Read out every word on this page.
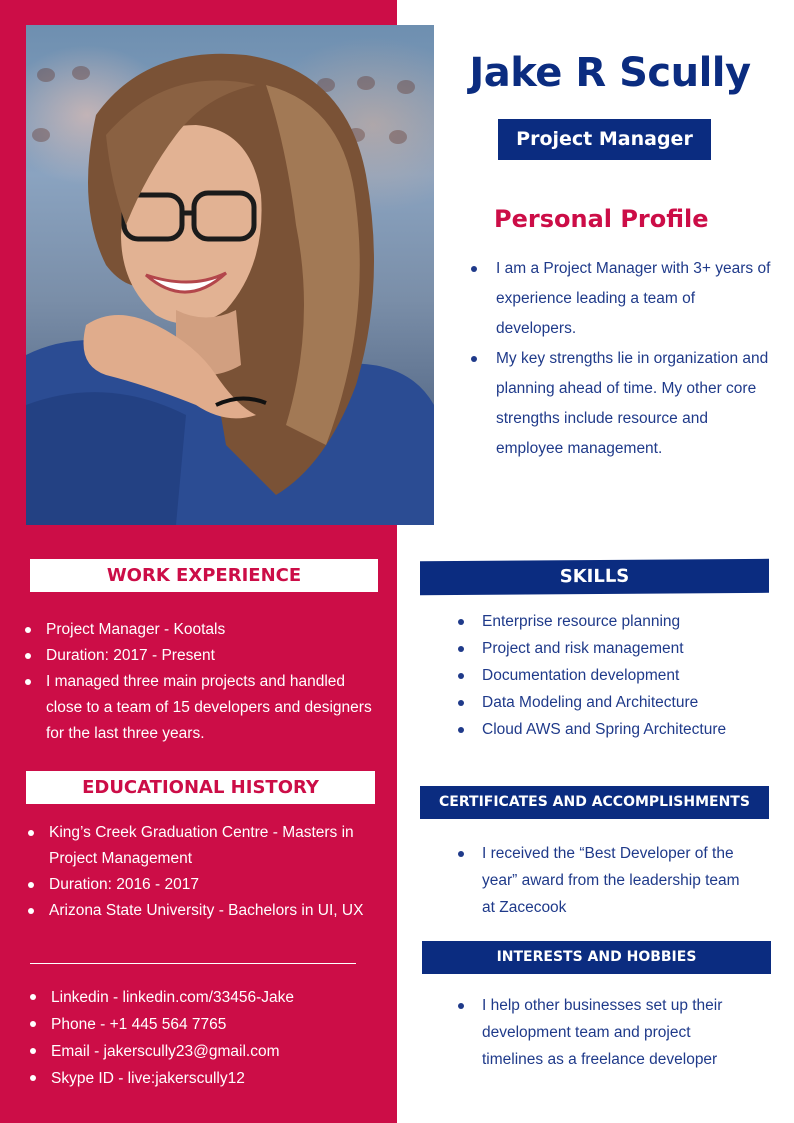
Jake R Scully
Project Manager
Personal Profile
I am a Project Manager with 3+ years of experience leading a team of developers.
My key strengths lie in organization and planning ahead of time. My other core strengths include resource and employee management.
WORK EXPERIENCE
Project Manager - Kootals
Duration: 2017 - Present
I managed three main projects and handled close to a team of 15 developers and designers for the last three years.
EDUCATIONAL HISTORY
King’s Creek Graduation Centre - Masters in Project Management
Duration: 2016 - 2017
Arizona State University - Bachelors in UI, UX
Linkedin - linkedin.com/33456-Jake
Phone - +1 445 564 7765
Email - jakerscully23@gmail.com
Skype ID - live:jakerscully12
SKILLS
Enterprise resource planning
Project and risk management
Documentation development
Data Modeling and Architecture
Cloud AWS and Spring Architecture
CERTIFICATES AND ACCOMPLISHMENTS
I received the “Best Developer of the year” award from the leadership team at Zacecook
INTERESTS AND HOBBIES
I help other businesses set up their development team and project timelines as a freelance developer
